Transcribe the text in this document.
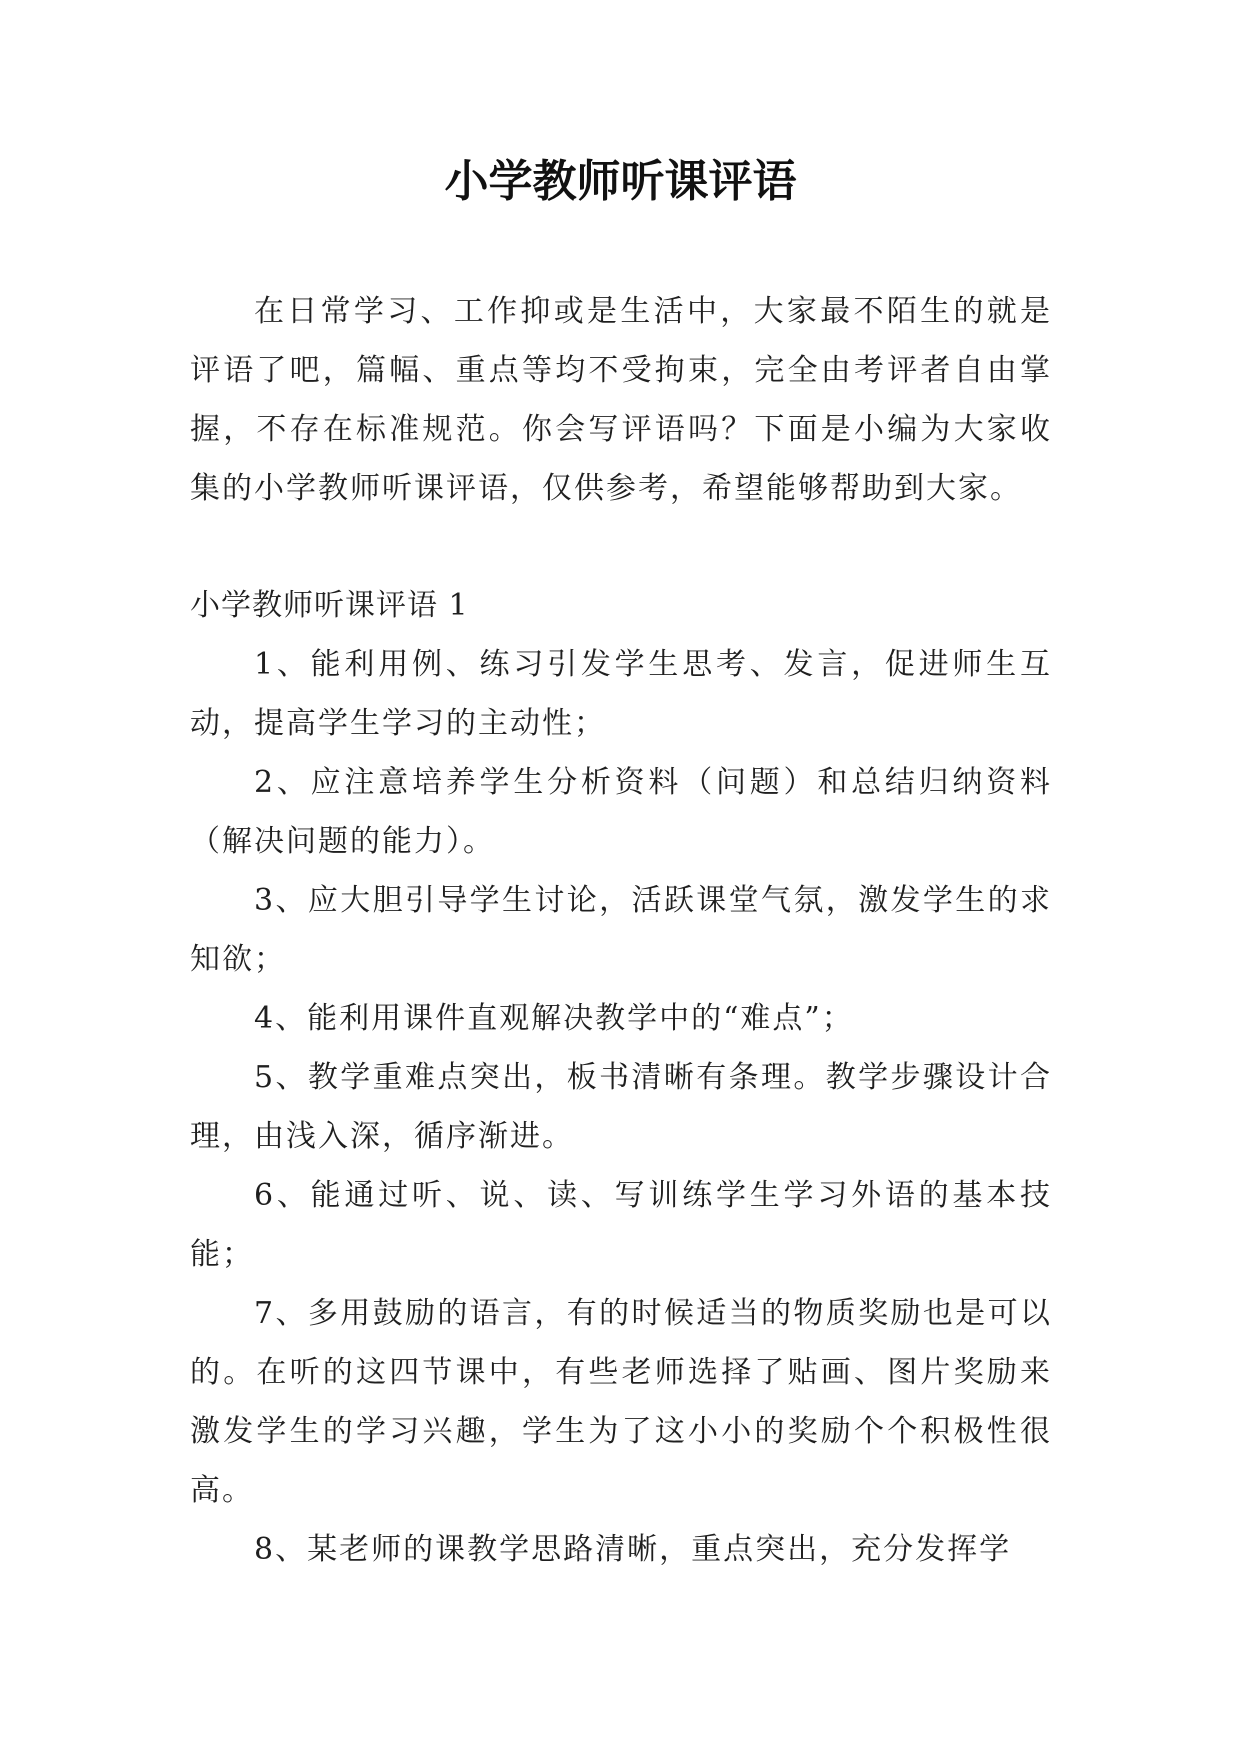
小学教师听课评语

在日常学习、工作抑或是生活中，大家最不陌生的就是评语了吧，篇幅、重点等均不受拘束，完全由考评者自由掌握，不存在标准规范。你会写评语吗？下面是小编为大家收集的小学教师听课评语，仅供参考，希望能够帮助到大家。

小学教师听课评语 1

1、能利用例、练习引发学生思考、发言，促进师生互动，提高学生学习的主动性；

2、应注意培养学生分析资料（问题）和总结归纳资料（解决问题的能力）。

3、应大胆引导学生讨论，活跃课堂气氛，激发学生的求知欲；

4、能利用课件直观解决教学中的“难点”；

5、教学重难点突出，板书清晰有条理。教学步骤设计合理，由浅入深，循序渐进。

6、能通过听、说、读、写训练学生学习外语的基本技能；

7、多用鼓励的语言，有的时候适当的物质奖励也是可以的。在听的这四节课中，有些老师选择了贴画、图片奖励来激发学生的学习兴趣，学生为了这小小的奖励个个积极性很高。

8、某老师的课教学思路清晰，重点突出，充分发挥学
